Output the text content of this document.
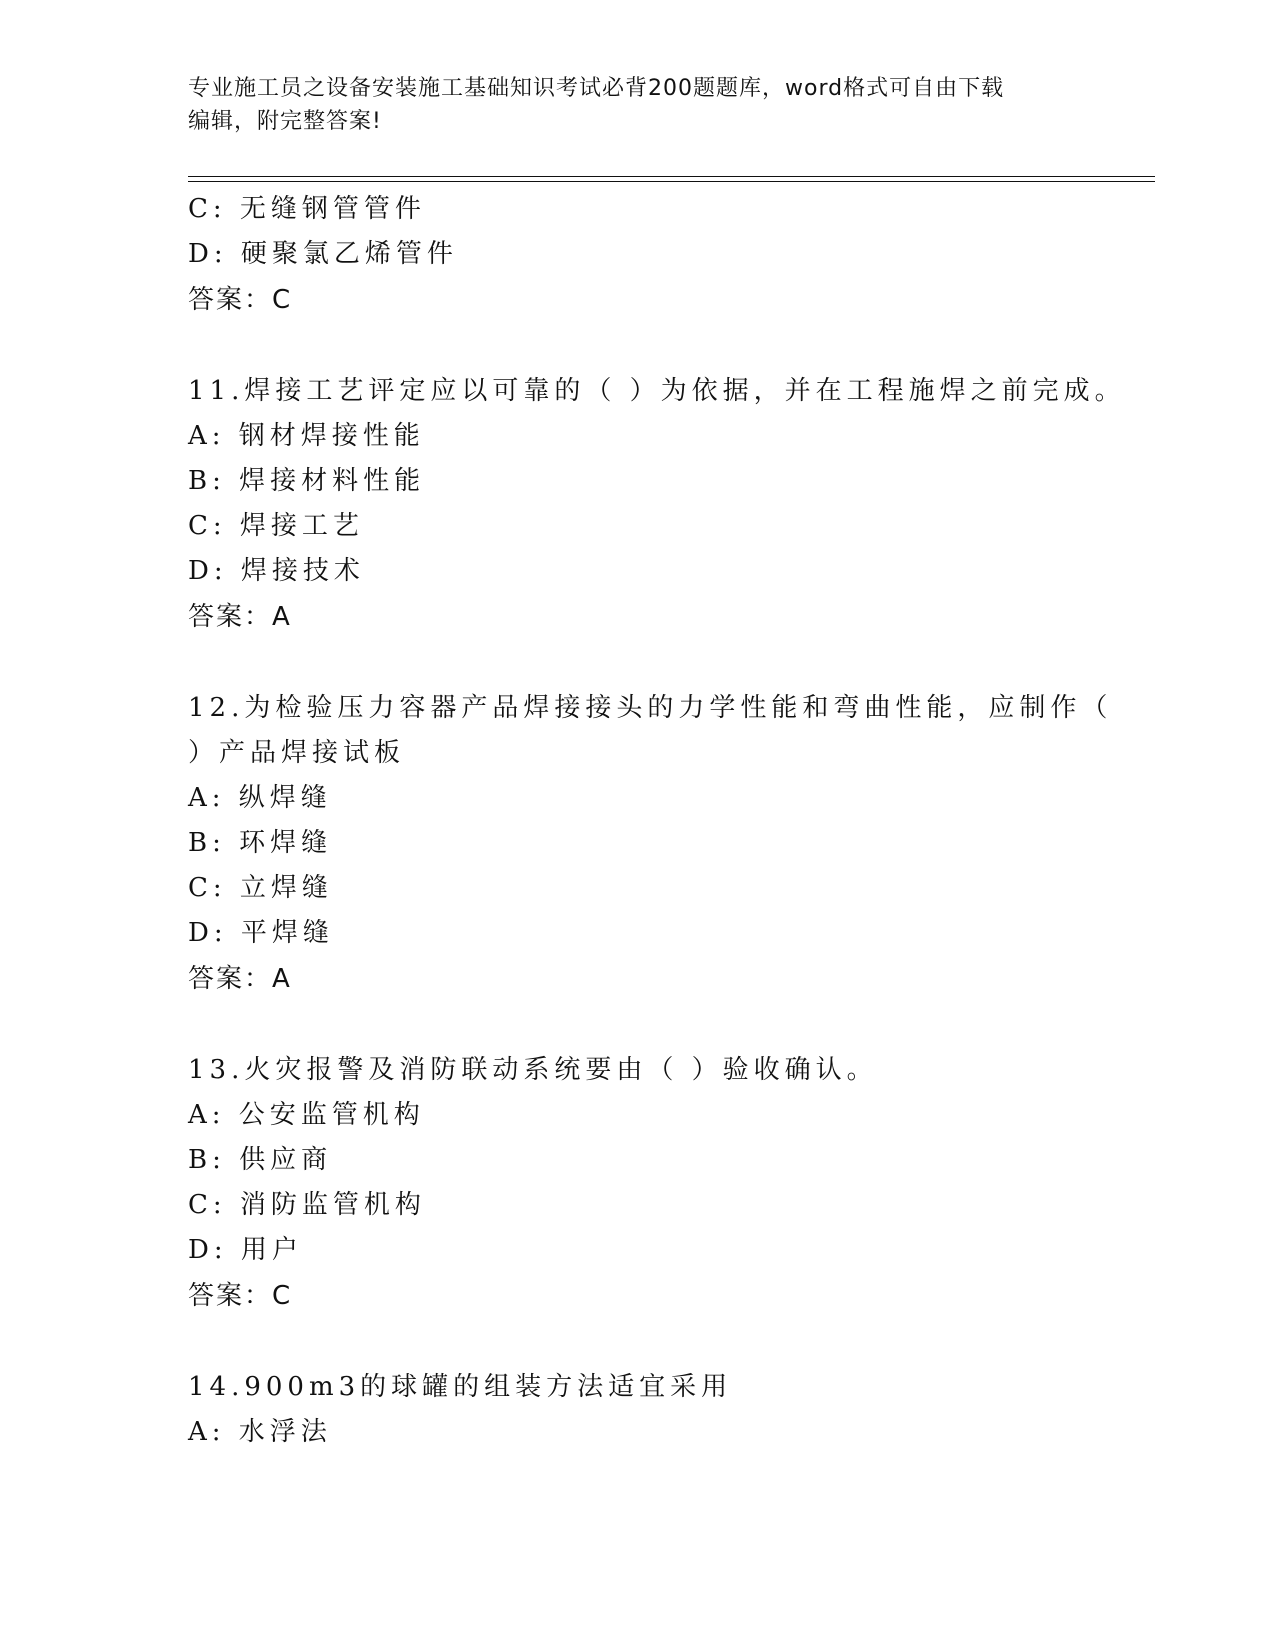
专业施工员之设备安装施工基础知识考试必背200题题库，word格式可自由下载
编辑，附完整答案!
C: 无缝钢管管件
D: 硬聚氯乙烯管件
答案：C
11.焊接工艺评定应以可靠的（ ）为依据，并在工程施焊之前完成。
A: 钢材焊接性能
B: 焊接材料性能
C: 焊接工艺
D: 焊接技术
答案：A
12.为检验压力容器产品焊接接头的力学性能和弯曲性能，应制作（
）产品焊接试板
A: 纵焊缝
B: 环焊缝
C: 立焊缝
D: 平焊缝
答案：A
13.火灾报警及消防联动系统要由（ ）验收确认。
A: 公安监管机构
B: 供应商
C: 消防监管机构
D: 用户
答案：C
14.900m3的球罐的组装方法适宜采用
A: 水浮法
